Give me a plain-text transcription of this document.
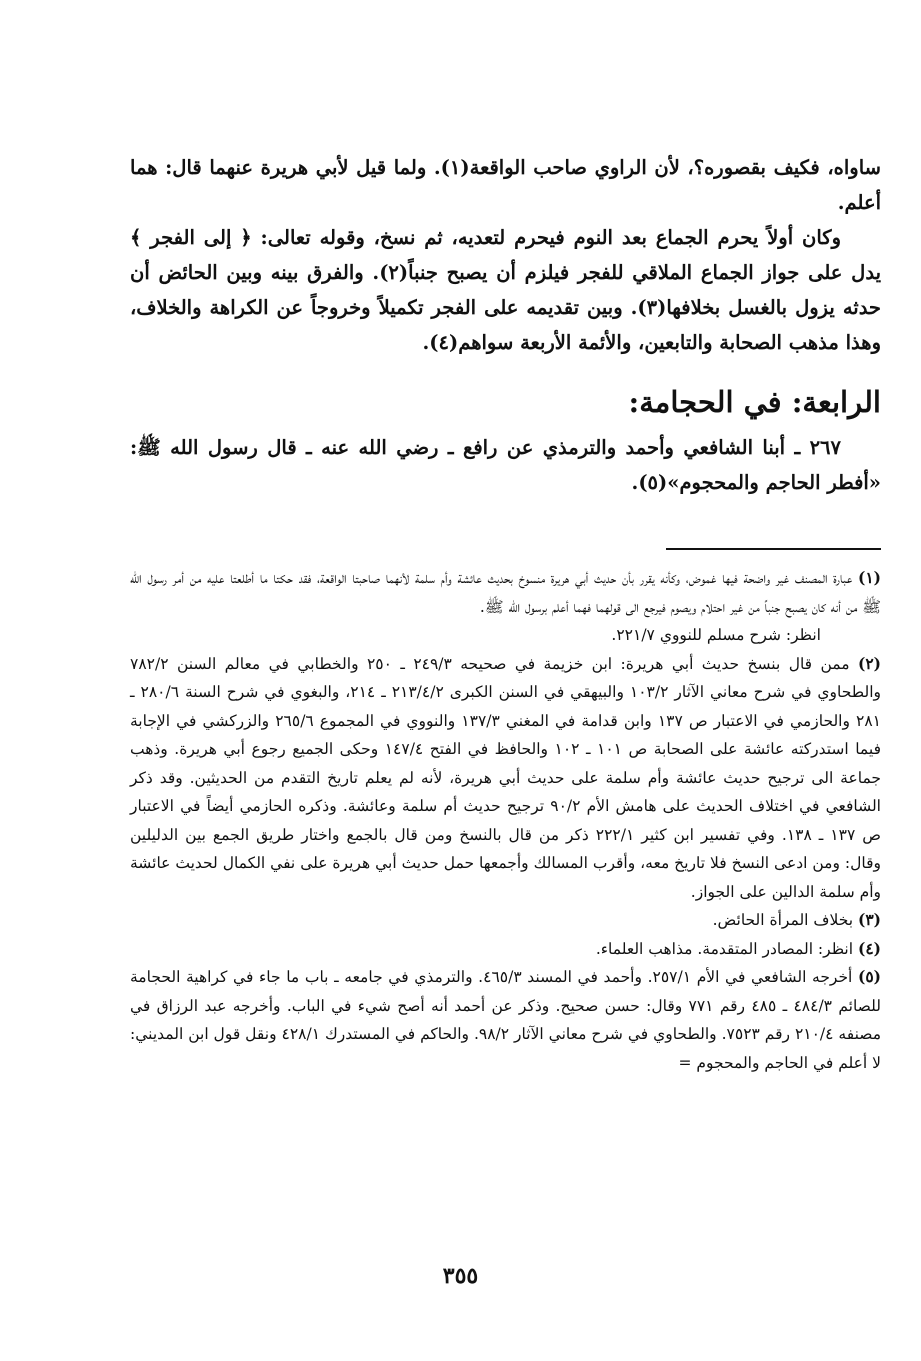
ساواه، فكيف بقصوره؟، لأن الراوي صاحب الواقعة(١). ولما قيل لأبي هريرة عنهما قال: هما أعلم.

وكان أولاً يحرم الجماع بعد النوم فيحرم لتعديه، ثم نسخ، وقوله تعالى: ﴿ إلى الفجر ﴾ يدل على جواز الجماع الملاقي للفجر فيلزم أن يصبح جنباً(٢). والفرق بينه وبين الحائض أن حدثه يزول بالغسل بخلافها(٣). وبين تقديمه على الفجر تكميلاً وخروجاً عن الكراهة والخلاف، وهذا مذهب الصحابة والتابعين، والأئمة الأربعة سواهم(٤).

الرابعة: في الحجامة:

٢٦٧ ـ أبنا الشافعي وأحمد والترمذي عن رافع ـ رضي الله عنه ـ قال رسول الله ﷺ: «أفطر الحاجم والمحجوم»(٥).

(١) عبارة المصنف غير واضحة فيها غموض، وكأنه يقرر بأن حديث أبي هريرة منسوخ بحديث عائشة وأم سلمة لأنهما صاحبتا الواقعة، فقد حكتا ما أطلعتا عليه من أمر رسول الله ﷺ من أنه كان يصبح جنباً من غير احتلام ويصوم فيرجع الى قولهما فهما أعلم برسول الله ﷺ.

انظر: شرح مسلم للنووي ٢٢١/٧.

(٢) ممن قال بنسخ حديث أبي هريرة: ابن خزيمة في صحيحه ٢٤٩/٣ ـ ٢٥٠ والخطابي في معالم السنن ٧٨٢/٢ والطحاوي في شرح معاني الآثار ١٠٣/٢ والبيهقي في السنن الكبرى ٢١٣/٤/٢ ـ ٢١٤، والبغوي في شرح السنة ٢٨٠/٦ ـ ٢٨١ والحازمي في الاعتبار ص ١٣٧ وابن قدامة في المغني ١٣٧/٣ والنووي في المجموع ٢٦٥/٦ والزركشي في الإجابة فيما استدركته عائشة على الصحابة ص ١٠١ ـ ١٠٢ والحافظ في الفتح ١٤٧/٤ وحكى الجميع رجوع أبي هريرة. وذهب جماعة الى ترجيح حديث عائشة وأم سلمة على حديث أبي هريرة، لأنه لم يعلم تاريخ التقدم من الحديثين. وقد ذكر الشافعي في اختلاف الحديث على هامش الأم ٩٠/٢ ترجيح حديث أم سلمة وعائشة. وذكره الحازمي أيضاً في الاعتبار ص ١٣٧ ـ ١٣٨. وفي تفسير ابن كثير ٢٢٢/١ ذكر من قال بالنسخ ومن قال بالجمع واختار طريق الجمع بين الدليلين وقال: ومن ادعى النسخ فلا تاريخ معه، وأقرب المسالك وأجمعها حمل حديث أبي هريرة على نفي الكمال لحديث عائشة وأم سلمة الدالين على الجواز.

(٣) بخلاف المرأة الحائض.

(٤) انظر: المصادر المتقدمة. مذاهب العلماء.

(٥) أخرجه الشافعي في الأم ٢٥٧/١. وأحمد في المسند ٤٦٥/٣. والترمذي في جامعه ـ باب ما جاء في كراهية الحجامة للصائم ٤٨٤/٣ ـ ٤٨٥ رقم ٧٧١ وقال: حسن صحيح. وذكر عن أحمد أنه أصح شيء في الباب. وأخرجه عبد الرزاق في مصنفه ٢١٠/٤ رقم ٧٥٢٣. والطحاوي في شرح معاني الآثار ٩٨/٢. والحاكم في المستدرك ٤٢٨/١ ونقل قول ابن المديني: لا أعلم في الحاجم والمحجوم =

٣٥٥
